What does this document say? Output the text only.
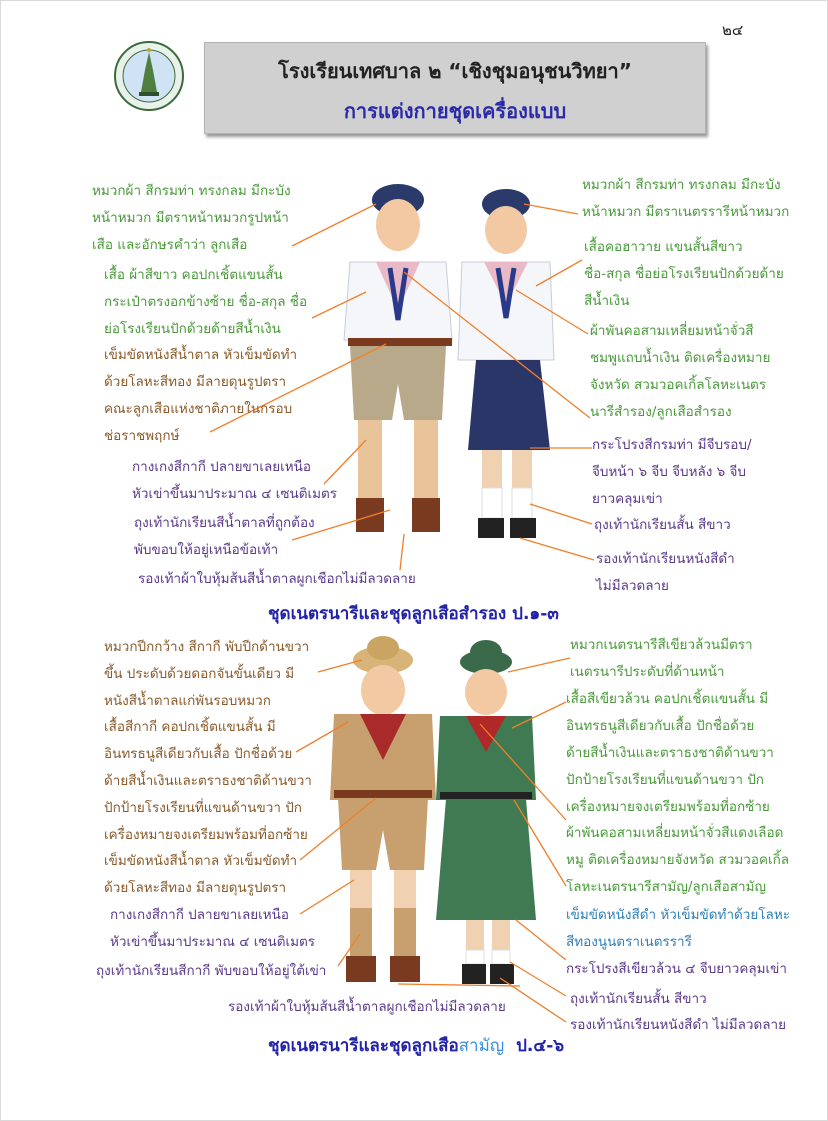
๒๔
โรงเรียนเทศบาล ๒ “เชิงชุมอนุชนวิทยา”
การแต่งกายชุดเครื่องแบบ
หมวกผ้า สีกรมท่า ทรงกลม มีกะบัง
หน้าหมวก มีตราหน้าหมวกรูปหน้า
เสือ และอักษรคำว่า ลูกเสือ
เสื้อ ผ้าสีขาว คอปกเชิ้ตแขนสั้น
กระเป๋าตรงอกข้างซ้าย ชื่อ-สกุล ชื่อ
ย่อโรงเรียนปักด้วยด้ายสีน้ำเงิน
เข็มขัดหนังสีน้ำตาล หัวเข็มขัดทำ
ด้วยโลหะสีทอง มีลายดุนรูปตรา
คณะลูกเสือแห่งชาติภายในกรอบ
ช่อราชพฤกษ์
กางเกงสีกากี ปลายขาเลยเหนือ
หัวเข่าขึ้นมาประมาณ ๔ เซนติเมตร
ถุงเท้านักเรียนสีน้ำตาลที่ถูกต้อง
พับขอบให้อยู่เหนือข้อเท้า
รองเท้าผ้าใบหุ้มส้นสีน้ำตาลผูกเชือกไม่มีลวดลาย
หมวกผ้า สีกรมท่า ทรงกลม มีกะบัง
หน้าหมวก มีตราเนตรรารีหน้าหมวก
เสื้อคอฮาวาย แขนสั้นสีขาว
ชื่อ-สกุล ชื่อย่อโรงเรียนปักด้วยด้าย
สีน้ำเงิน
ผ้าพันคอสามเหลี่ยมหน้าจั่วสี
ชมพูแถบน้ำเงิน ติดเครื่องหมาย
จังหวัด สวมวอคเกิ้ลโลหะเนตร
นารีสำรอง/ลูกเสือสำรอง
กระโปรงสีกรมท่า มีจีบรอบ/
จีบหน้า ๖ จีบ จีบหลัง ๖ จีบ
ยาวคลุมเข่า
ถุงเท้านักเรียนสั้น สีขาว
รองเท้านักเรียนหนังสีดำ
ไม่มีลวดลาย
ชุดเนตรนารีและชุดลูกเสือสำรอง ป.๑-๓
หมวกปีกกว้าง สีกากี พับปีกด้านขวา
ขึ้น ประดับด้วยดอกจันขั้นเดียว มี
หนังสีน้ำตาลแก่พันรอบหมวก
เสื้อสีกากี คอปกเชิ้ตแขนสั้น มี
อินทรธนูสีเดียวกับเสื้อ ปักชื่อด้วย
ด้ายสีน้ำเงินและตราธงชาติด้านขวา
ปักป้ายโรงเรียนที่แขนด้านขวา ปัก
เครื่องหมายจงเตรียมพร้อมที่อกซ้าย
เข็มขัดหนังสีน้ำตาล หัวเข็มขัดทำ
ด้วยโลหะสีทอง มีลายดุนรูปตรา
กางเกงสีกากี ปลายขาเลยเหนือ
หัวเข่าขึ้นมาประมาณ ๔ เซนติเมตร
ถุงเท้านักเรียนสีกากี พับขอบให้อยู่ใต้เข่า
รองเท้าผ้าใบหุ้มส้นสีน้ำตาลผูกเชือกไม่มีลวดลาย
หมวกเนตรนารีสีเขียวล้วนมีตรา
เนตรนารีประดับที่ด้านหน้า
เสื้อสีเขียวล้วน คอปกเชิ้ตแขนสั้น มี
อินทรธนูสีเดียวกับเสื้อ ปักชื่อด้วย
ด้ายสีน้ำเงินและตราธงชาติด้านขวา
ปักป้ายโรงเรียนที่แขนด้านขวา ปัก
เครื่องหมายจงเตรียมพร้อมที่อกซ้าย
ผ้าพันคอสามเหลี่ยมหน้าจั่วสีแดงเลือด
หมู ติดเครื่องหมายจังหวัด สวมวอคเกิ้ล
โลหะเนตรนารีสามัญ/ลูกเสือสามัญ
เข็มขัดหนังสีดำ หัวเข็มขัดทำด้วยโลหะ
สีทองนูนตราเนตรรารี
กระโปรงสีเขียวล้วน ๔ จีบยาวคลุมเข่า
ถุงเท้านักเรียนสั้น สีขาว
รองเท้านักเรียนหนังสีดำ ไม่มีลวดลาย
ชุดเนตรนารีและชุดลูกเสือสามัญ  ป.๔-๖
